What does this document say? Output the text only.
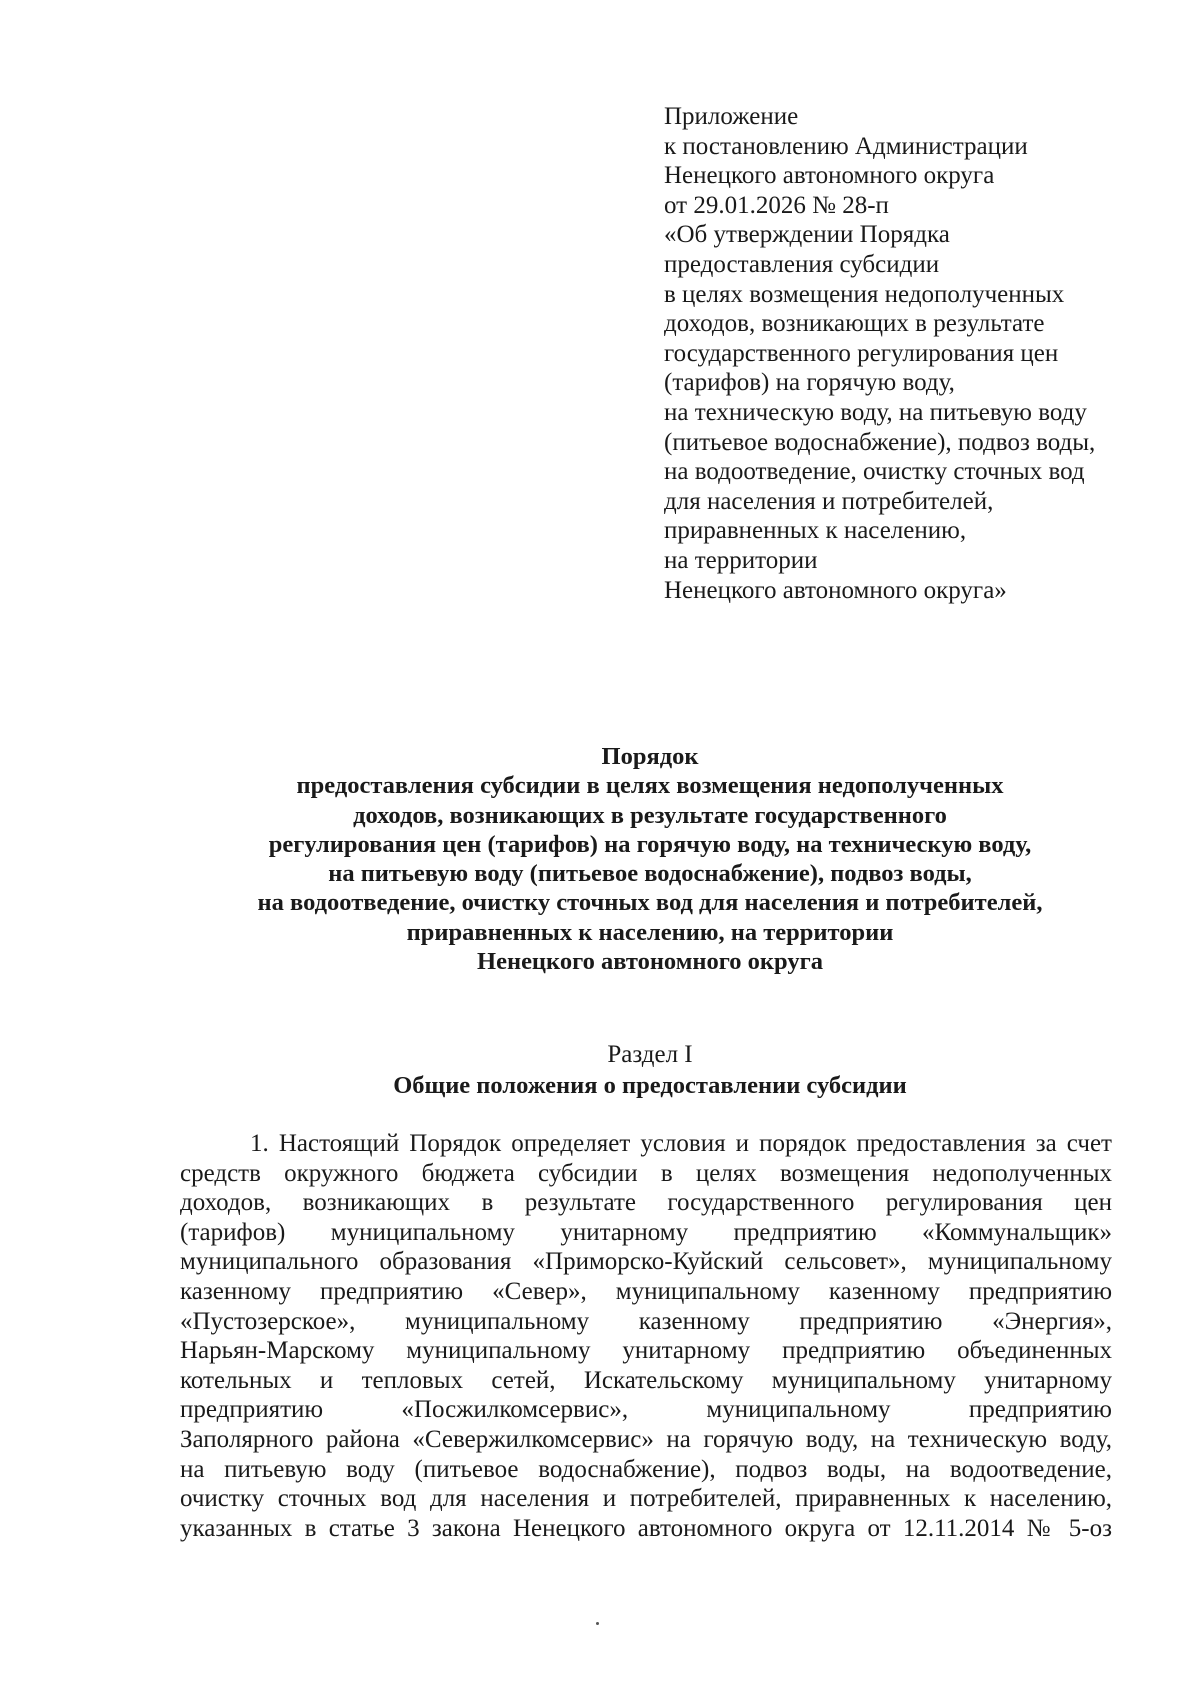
Приложение
к постановлению Администрации
Ненецкого автономного округа
от 29.01.2026 № 28-п
«Об утверждении Порядка
предоставления субсидии
в целях возмещения недополученных
доходов, возникающих в результате
государственного регулирования цен
(тарифов) на горячую воду,
на техническую воду, на питьевую воду
(питьевое водоснабжение), подвоз воды,
на водоотведение, очистку сточных вод
для населения и потребителей,
приравненных к населению,
на территории
Ненецкого автономного округа»
Порядок
предоставления субсидии в целях возмещения недополученных
доходов, возникающих в результате государственного
регулирования цен (тарифов) на горячую воду, на техническую воду,
на питьевую воду (питьевое водоснабжение), подвоз воды,
на водоотведение, очистку сточных вод для населения и потребителей,
приравненных к населению, на территории
Ненецкого автономного округа
Раздел I
Общие положения о предоставлении субсидии
1. Настоящий Порядок определяет условия и порядок предоставления за счет
средств окружного бюджета субсидии в целях возмещения недополученных
доходов, возникающих в результате государственного регулирования цен
(тарифов) муниципальному унитарному предприятию «Коммунальщик»
муниципального образования «Приморско-Куйский сельсовет», муниципальному
казенному предприятию «Север», муниципальному казенному предприятию
«Пустозерское», муниципальному казенному предприятию «Энергия»,
Нарьян-Марскому муниципальному унитарному предприятию объединенных
котельных и тепловых сетей, Искательскому муниципальному унитарному
предприятию «Посжилкомсервис», муниципальному предприятию
Заполярного района «Севержилкомсервис» на горячую воду, на техническую воду,
на питьевую воду (питьевое водоснабжение), подвоз воды, на водоотведение,
очистку сточных вод для населения и потребителей, приравненных к населению,
указанных в статье 3 закона Ненецкого автономного округа от 12.11.2014 № 5-оз
